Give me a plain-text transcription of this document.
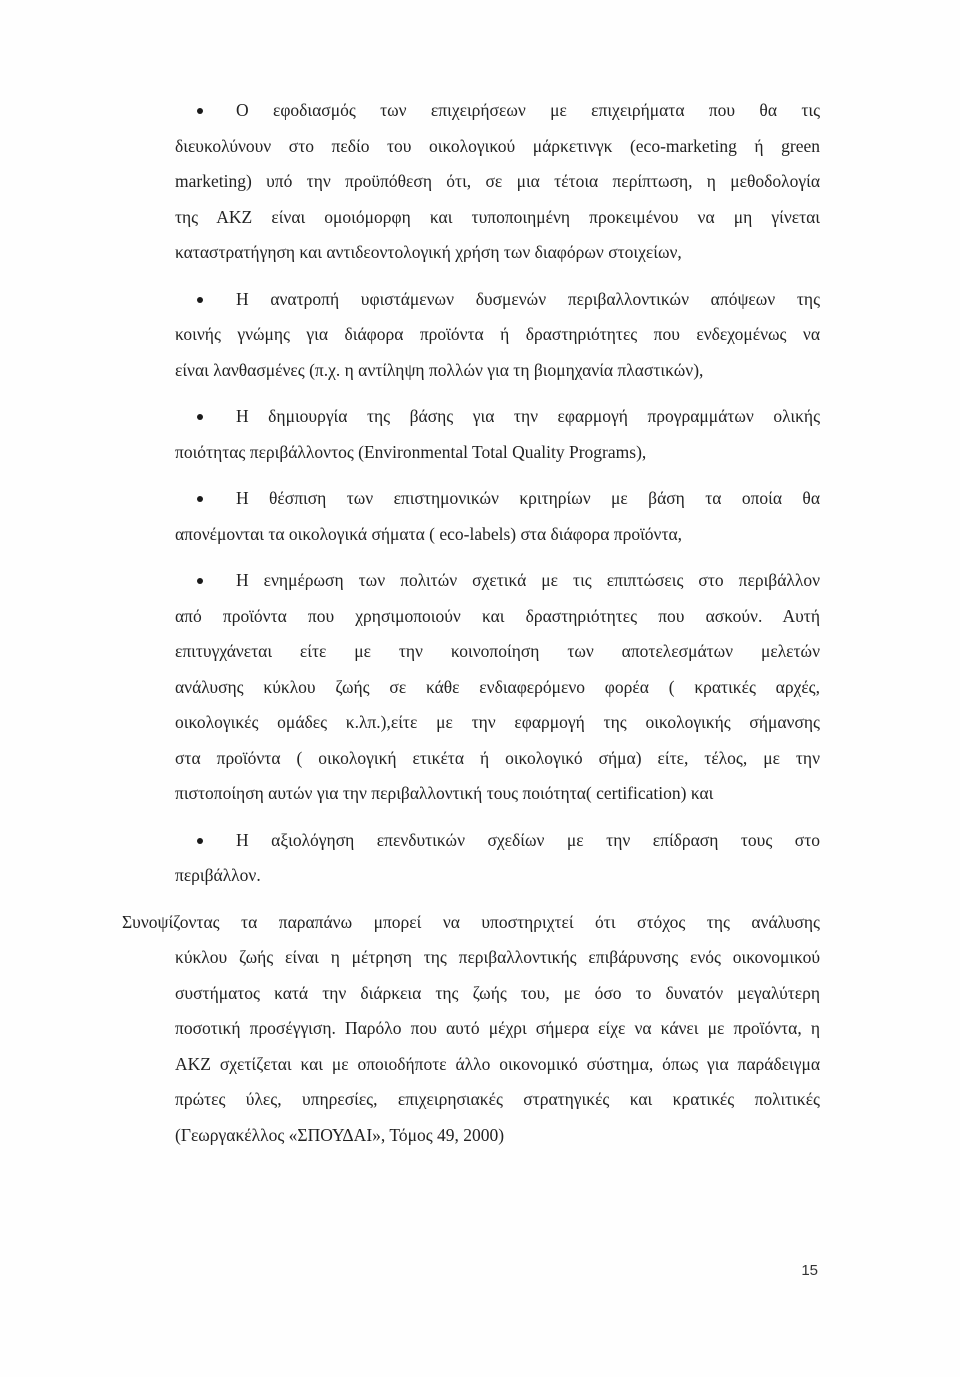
Ο εφοδιασμός των επιχειρήσεων με επιχειρήματα που θα τις
διευκολύνουν στο πεδίο του οικολογικού μάρκετινγκ (eco-marketing ή green
marketing) υπό την προϋπόθεση ότι, σε μια τέτοια περίπτωση, η μεθοδολογία
της ΑΚΖ είναι ομοιόμορφη και τυποποιημένη προκειμένου να μη γίνεται
καταστρατήγηση και αντιδεοντολογική χρήση των διαφόρων στοιχείων,
Η ανατροπή υφιστάμενων δυσμενών περιβαλλοντικών απόψεων της
κοινής γνώμης για διάφορα προϊόντα ή δραστηριότητες που ενδεχομένως να
είναι λανθασμένες (π.χ. η αντίληψη πολλών για τη βιομηχανία πλαστικών),
Η δημιουργία της βάσης για την εφαρμογή προγραμμάτων ολικής
ποιότητας περιβάλλοντος (Environmental Total Quality Programs),
Η θέσπιση των επιστημονικών κριτηρίων με βάση τα οποία θα
απονέμονται τα οικολογικά σήματα ( eco-labels) στα διάφορα προϊόντα,
Η ενημέρωση των πολιτών σχετικά με τις επιπτώσεις στο περιβάλλον
από προϊόντα που χρησιμοποιούν και δραστηριότητες που ασκούν. Αυτή
επιτυγχάνεται είτε με την κοινοποίηση των αποτελεσμάτων μελετών
ανάλυσης κύκλου ζωής σε κάθε ενδιαφερόμενο φορέα ( κρατικές αρχές,
οικολογικές ομάδες κ.λπ.),είτε με την εφαρμογή της οικολογικής σήμανσης
στα προϊόντα ( οικολογική ετικέτα ή οικολογικό σήμα) είτε, τέλος, με την
πιστοποίηση αυτών για την περιβαλλοντική τους ποιότητα( certification) και
Η αξιολόγηση επενδυτικών σχεδίων με την επίδραση τους στο
περιβάλλον.
Συνοψίζοντας τα παραπάνω μπορεί να υποστηριχτεί ότι στόχος της ανάλυσης
κύκλου ζωής είναι η μέτρηση της περιβαλλοντικής επιβάρυνσης ενός οικονομικού
συστήματος κατά την διάρκεια της ζωής του, με όσο το δυνατόν μεγαλύτερη
ποσοτική προσέγγιση. Παρόλο που αυτό μέχρι σήμερα είχε να κάνει με προϊόντα, η
ΑΚΖ σχετίζεται και με οποιοδήποτε άλλο οικονομικό σύστημα, όπως για παράδειγμα
πρώτες ύλες, υπηρεσίες, επιχειρησιακές στρατηγικές και κρατικές πολιτικές
(Γεωργακέλλος «ΣΠΟΥΔΑΙ», Τόμος 49, 2000)
15
